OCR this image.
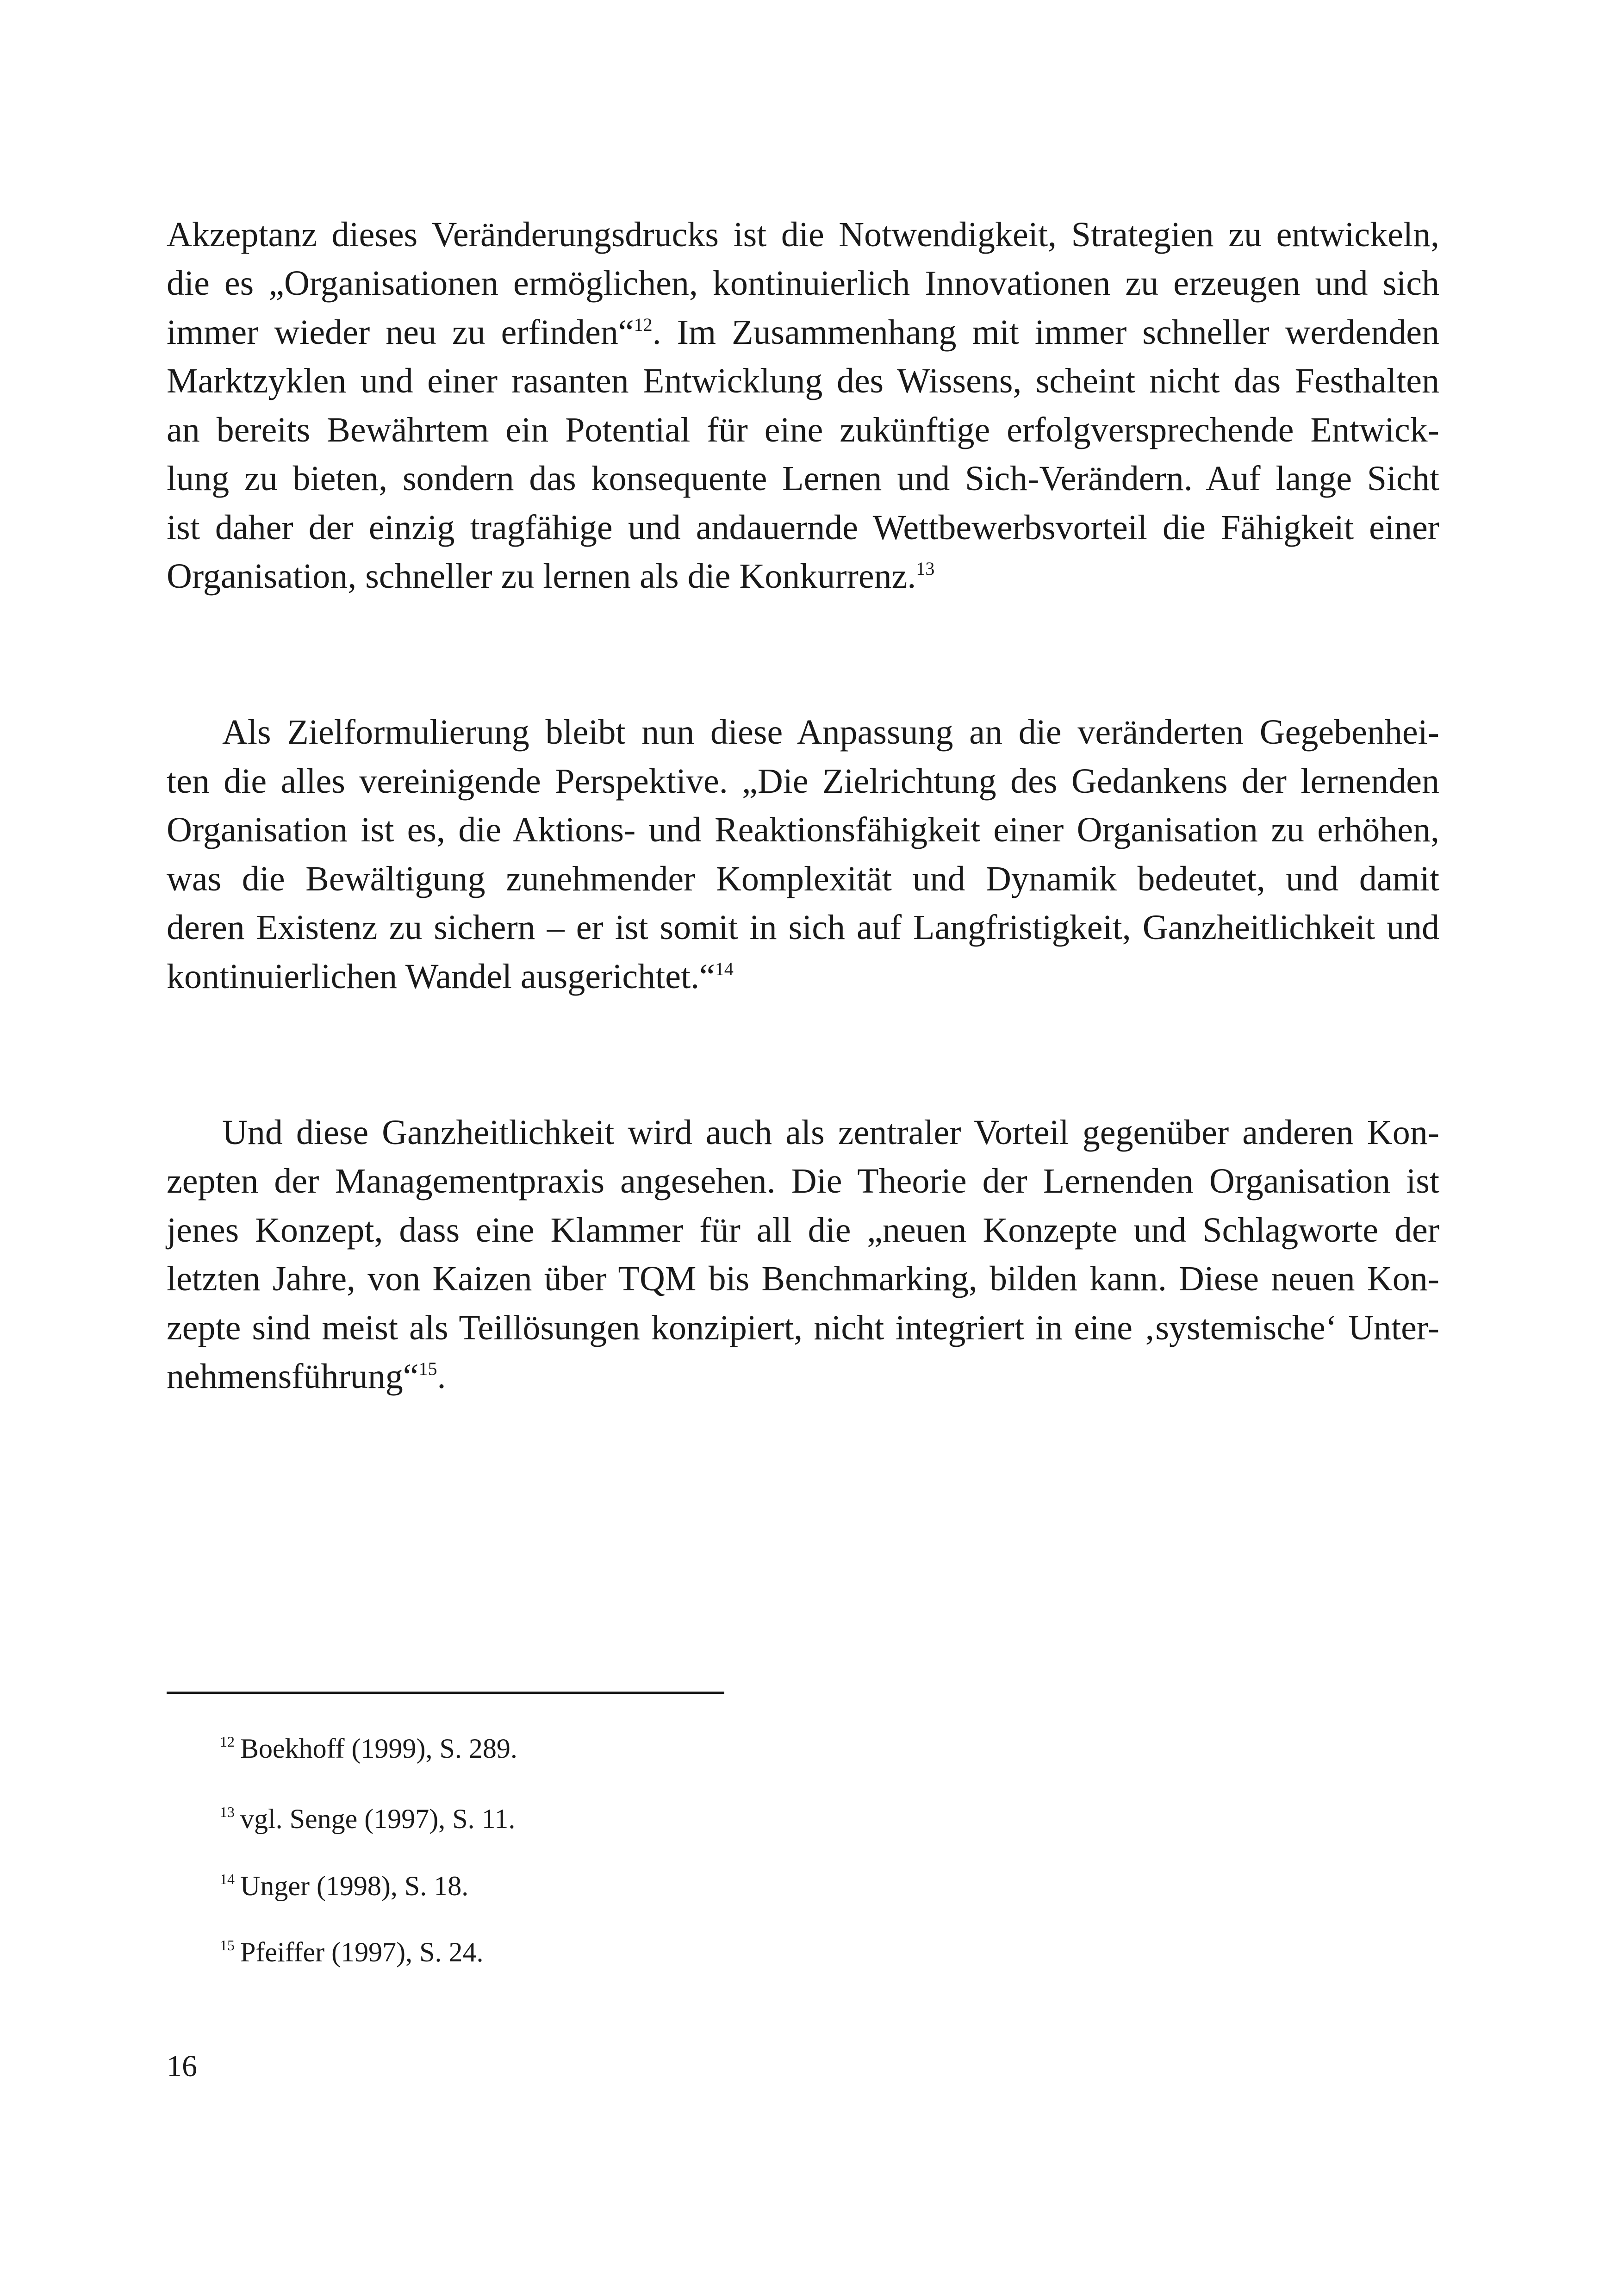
Akzeptanz dieses Veränderungsdrucks ist die Notwendigkeit, Strategien zu entwickeln,
die es „Organisationen ermöglichen, kontinuierlich Innovationen zu erzeugen und sich
immer wieder neu zu erfinden“$^{12}$. Im Zusammenhang mit immer schneller werdenden
Marktzyklen und einer rasanten Entwicklung des Wissens, scheint nicht das Festhalten
an bereits Bewährtem ein Potential für eine zukünftige erfolgversprechende Entwick-
lung zu bieten, sondern das konsequente Lernen und Sich-Verändern. Auf lange Sicht
ist daher der einzig tragfähige und andauernde Wettbewerbsvorteil die Fähigkeit einer
Organisation, schneller zu lernen als die Konkurrenz.$^{13}$
Als Zielformulierung bleibt nun diese Anpassung an die veränderten Gegebenhei-
ten die alles vereinigende Perspektive. „Die Zielrichtung des Gedankens der lernenden
Organisation ist es, die Aktions- und Reaktionsfähigkeit einer Organisation zu erhöhen,
was die Bewältigung zunehmender Komplexität und Dynamik bedeutet, und damit
deren Existenz zu sichern – er ist somit in sich auf Langfristigkeit, Ganzheitlichkeit und
kontinuierlichen Wandel ausgerichtet.“$^{14}$
Und diese Ganzheitlichkeit wird auch als zentraler Vorteil gegenüber anderen Kon-
zepten der Managementpraxis angesehen. Die Theorie der Lernenden Organisation ist
jenes Konzept, dass eine Klammer für all die „neuen Konzepte und Schlagworte der
letzten Jahre, von Kaizen über TQM bis Benchmarking, bilden kann. Diese neuen Kon-
zepte sind meist als Teillösungen konzipiert, nicht integriert in eine ‚systemische‘ Unter-
nehmensführung“$^{15}$.
$^{12}$ Boekhoff (1999), S. 289.
$^{13}$ vgl. Senge (1997), S. 11.
$^{14}$ Unger (1998), S. 18.
$^{15}$ Pfeiffer (1997), S. 24.
16
